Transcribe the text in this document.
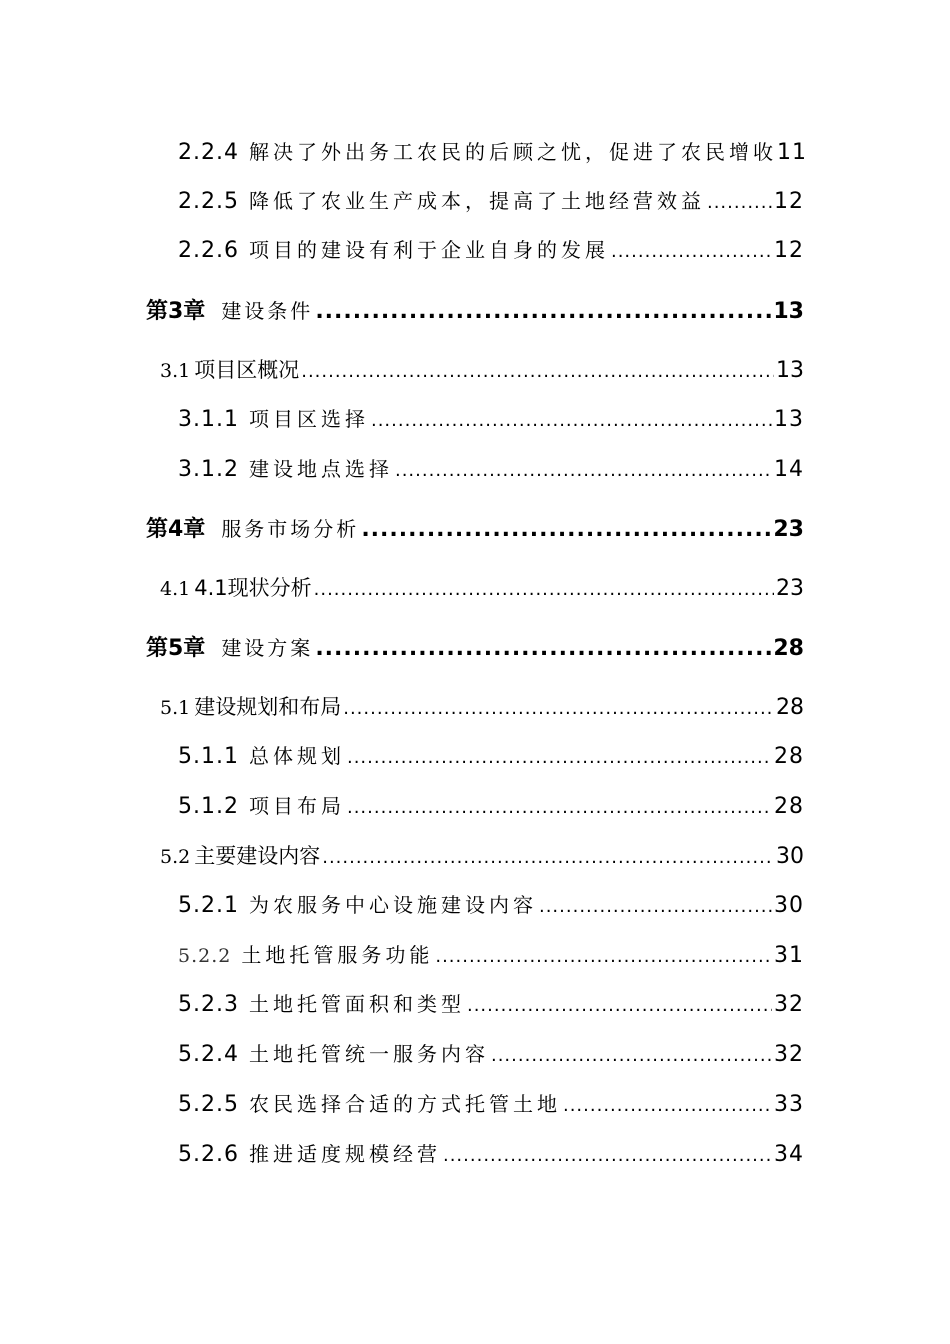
2.2.4 解决了外出务工农民的后顾之忧，促进了农民增收 11
2.2.5 降低了农业生产成本，提高了土地经营效益 .....	12
2.2.6 项目的建设有利于企业自身的发展 .....	12
第3章 建设条件 .....	13
3.1 项目区概况 .....	13
3.1.1 项目区选择 .....	13
3.1.2 建设地点选择 .....	14
第4章 服务市场分析 .....	23
4.1 4.1现状分析 .....	23
第5章 建设方案 .....	28
5.1 建设规划和布局 .....	28
5.1.1 总体规划 .....	28
5.1.2 项目布局 .....	28
5.2 主要建设内容 .....	30
5.2.1 为农服务中心设施建设内容 .....	30
5.2.2 土地托管服务功能 .....	31
5.2.3 土地托管面积和类型 .....	32
5.2.4 土地托管统一服务内容 .....	32
5.2.5 农民选择合适的方式托管土地 .....	33
5.2.6 推进适度规模经营 .....	34
